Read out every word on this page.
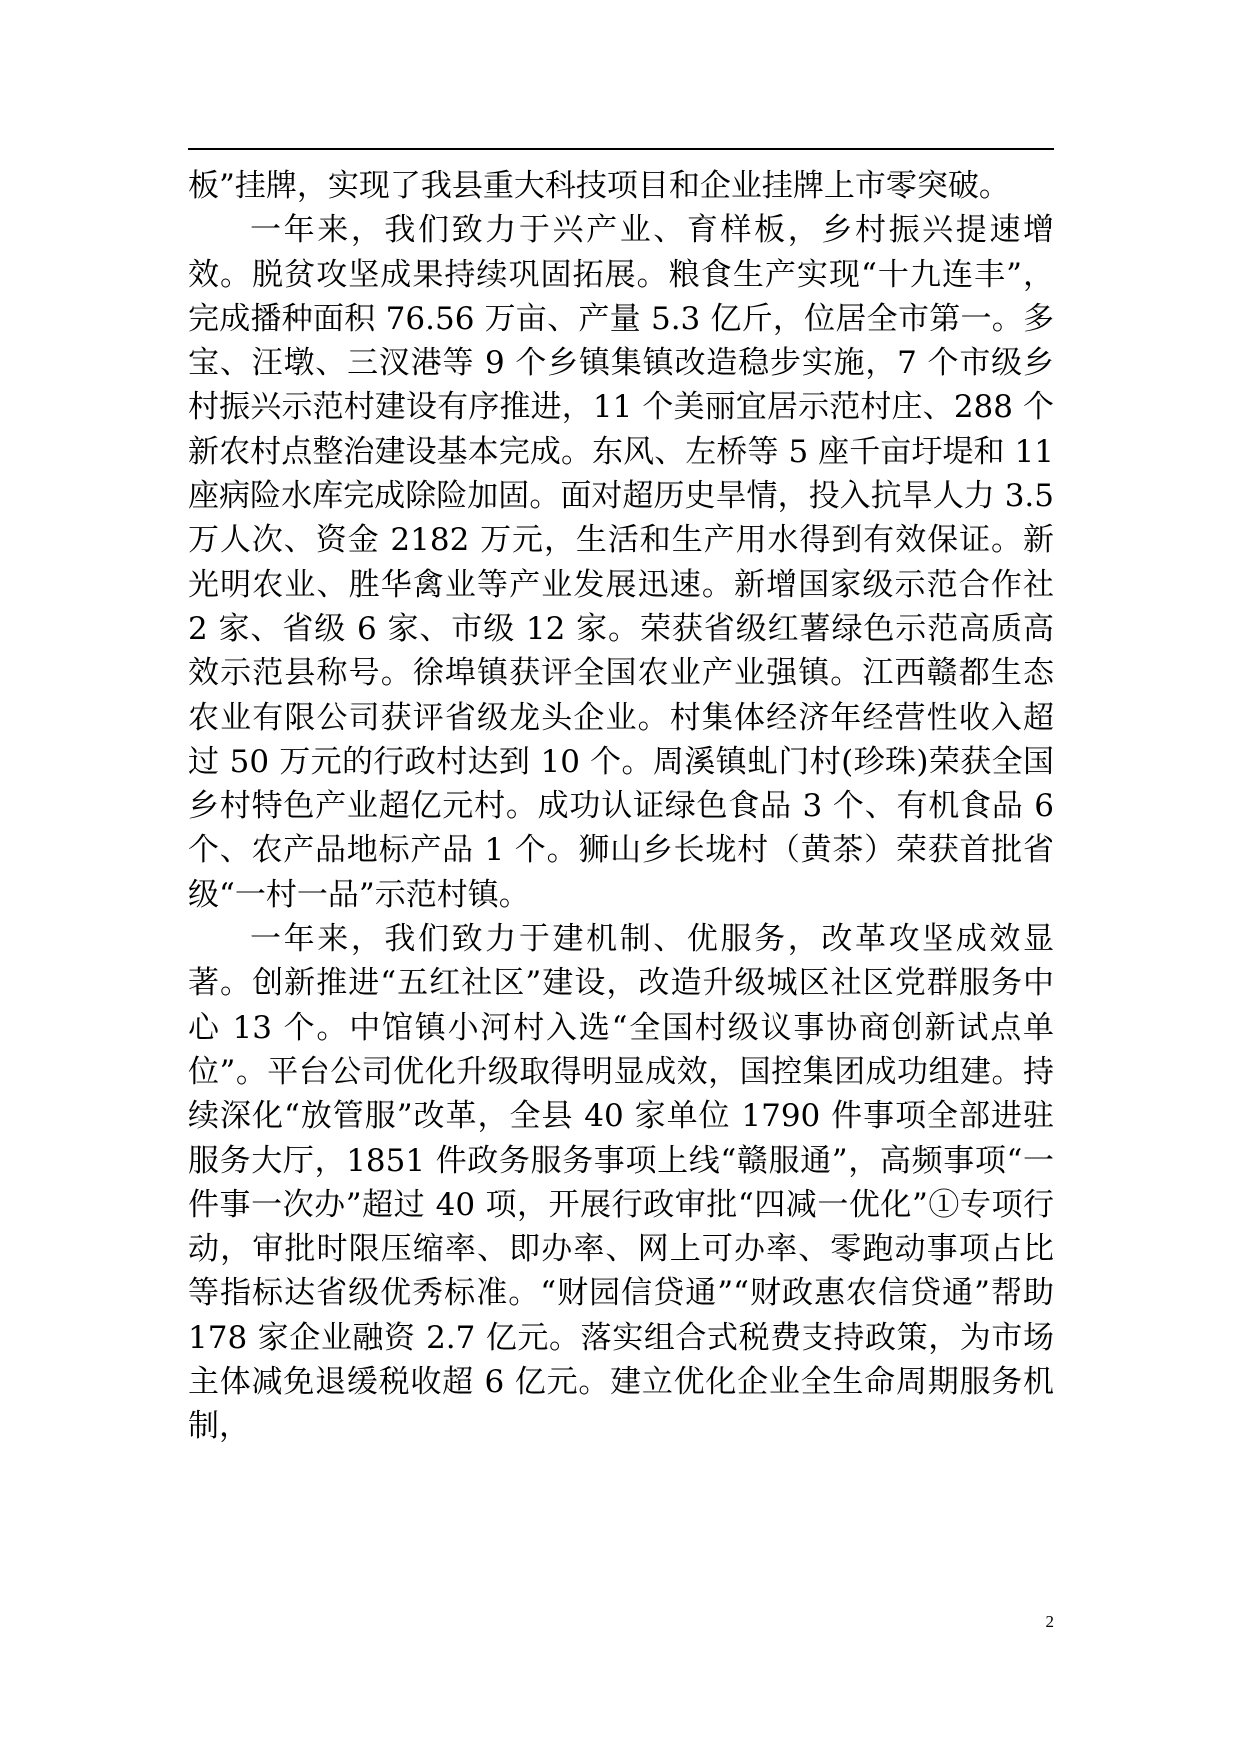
板”挂牌，实现了我县重大科技项目和企业挂牌上市零突破。

一年来，我们致力于兴产业、育样板，乡村振兴提速增效。脱贫攻坚成果持续巩固拓展。粮食生产实现“十九连丰”，完成播种面积 76.56 万亩、产量 5.3 亿斤，位居全市第一。多宝、汪墩、三汊港等 9 个乡镇集镇改造稳步实施，7 个市级乡村振兴示范村建设有序推进，11 个美丽宜居示范村庄、288 个新农村点整治建设基本完成。东风、左桥等 5 座千亩圩堤和 11 座病险水库完成除险加固。面对超历史旱情，投入抗旱人力 3.5 万人次、资金 2182 万元，生活和生产用水得到有效保证。新光明农业、胜华禽业等产业发展迅速。新增国家级示范合作社 2 家、省级 6 家、市级 12 家。荣获省级红薯绿色示范高质高效示范县称号。徐埠镇获评全国农业产业强镇。江西赣都生态农业有限公司获评省级龙头企业。村集体经济年经营性收入超过 50 万元的行政村达到 10 个。周溪镇虬门村(珍珠)荣获全国乡村特色产业超亿元村。成功认证绿色食品 3 个、有机食品 6 个、农产品地标产品 1 个。狮山乡长垅村（黄茶）荣获首批省级“一村一品”示范村镇。

一年来，我们致力于建机制、优服务，改革攻坚成效显著。创新推进“五红社区”建设，改造升级城区社区党群服务中心 13 个。中馆镇小河村入选“全国村级议事协商创新试点单位”。平台公司优化升级取得明显成效，国控集团成功组建。持续深化“放管服”改革，全县 40 家单位 1790 件事项全部进驻服务大厅，1851 件政务服务事项上线“赣服通”，高频事项“一件事一次办”超过 40 项，开展行政审批“四减一优化”①专项行动，审批时限压缩率、即办率、网上可办率、零跑动事项占比等指标达省级优秀标准。“财园信贷通”“财政惠农信贷通”帮助 178 家企业融资 2.7 亿元。落实组合式税费支持政策，为市场主体减免退缓税收超 6 亿元。建立优化企业全生命周期服务机制，

2
